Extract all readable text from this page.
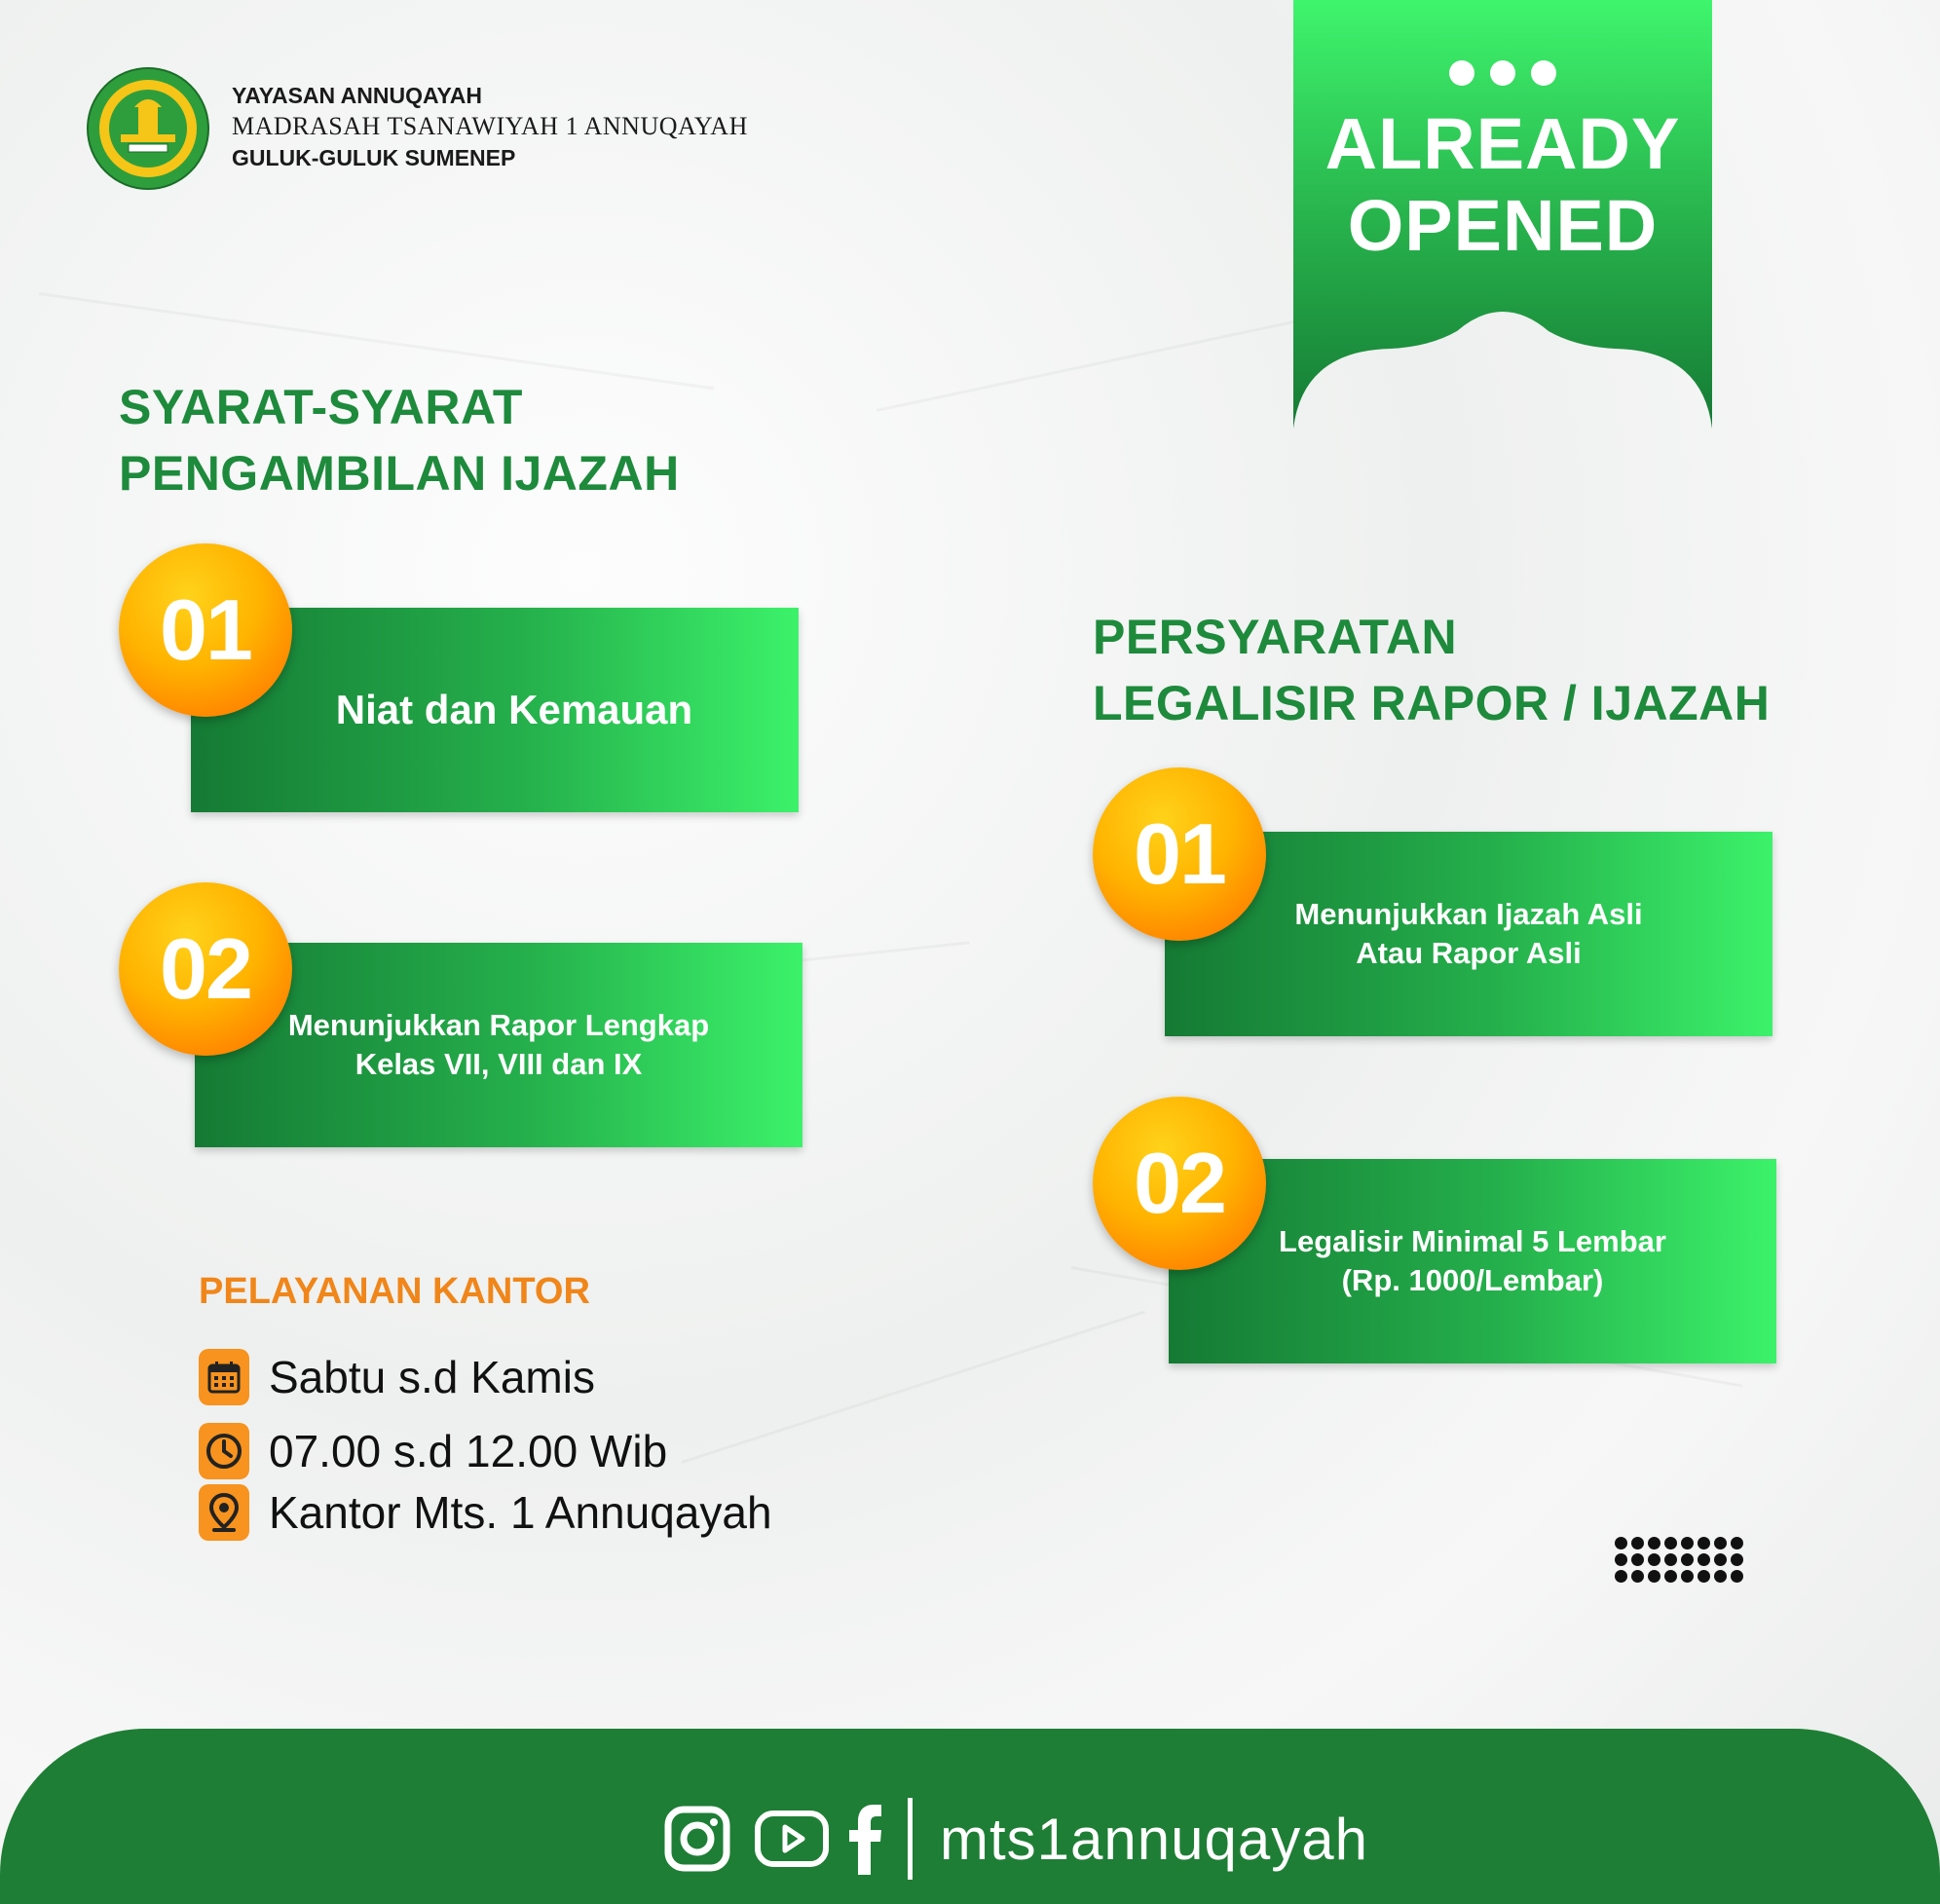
YAYASAN ANNUQAYAH
MADRASAH TSANAWIYAH 1 ANNUQAYAH
GULUK-GULUK SUMENEP	ALREADY
OPENED
SYARAT-SYARAT
PENGAMBILAN IJAZAH
Niat dan Kemauan
01
Menunjukkan Rapor Lengkap
Kelas VII, VIII dan IX
02
PERSYARATAN
LEGALISIR RAPOR / IJAZAH
Menunjukkan Ijazah Asli
Atau Rapor Asli
01
Legalisir Minimal 5 Lembar
(Rp. 1000/Lembar)
02
PELAYANAN KANTOR
Sabtu s.d Kamis
07.00 s.d 12.00 Wib
Kantor Mts. 1 Annuqayah
mts1annuqayah
